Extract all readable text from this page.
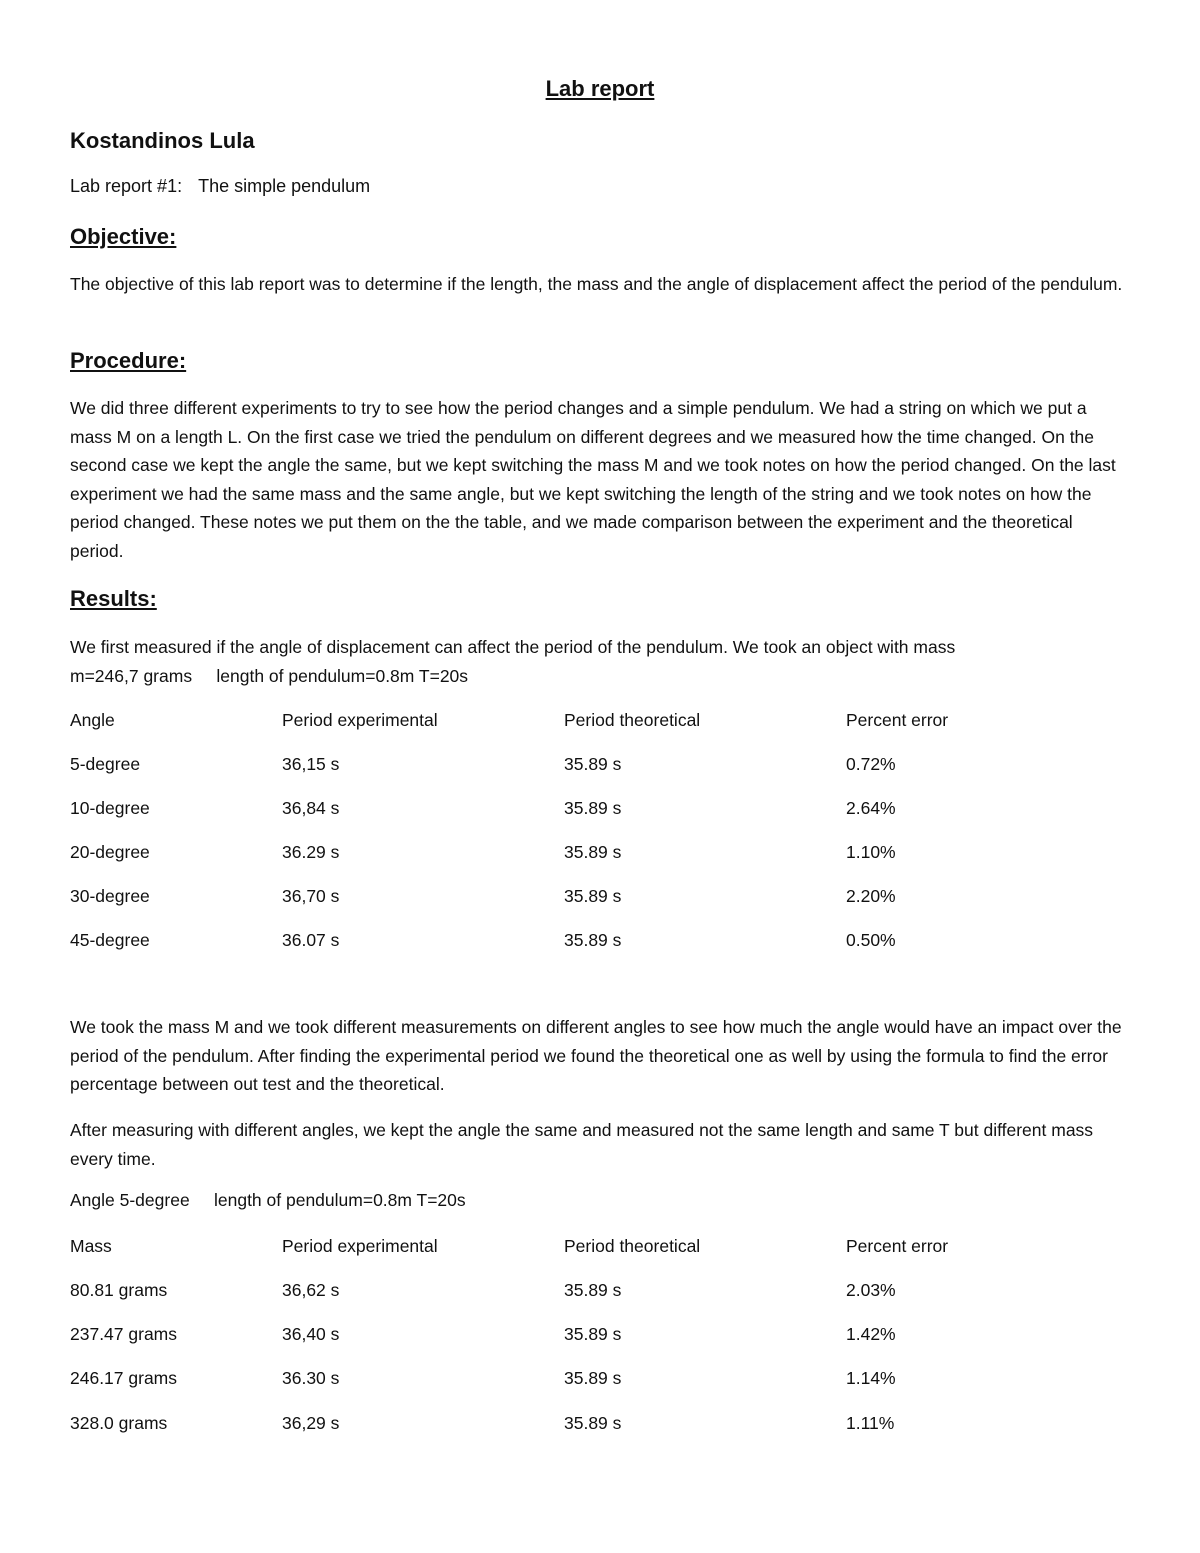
Lab report
Kostandinos Lula
Lab report #1: The simple pendulum
Objective:

The objective of this lab report was to determine if the length, the mass and the angle of displacement affect the period of the pendulum.

Procedure:

We did three different experiments to try to see how the period changes and a simple pendulum. We had a string on which we put a mass M on a length L. On the first case we tried the pendulum on different degrees and we measured how the time changed. On the second case we kept the angle the same, but we kept switching the mass M and we took notes on how the period changed. On the last experiment we had the same mass and the same angle, but we kept switching the length of the string and we took notes on how the period changed. These notes we put them on the the table, and we made comparison between the experiment and the theoretical period.

Results:

We first measured if the angle of displacement can affect the period of the pendulum. We took an object with mass

m=246,7 grams     length of pendulum=0.8m T=20s
Angle	Period experimental	Period theoretical	Percent error
5-degree	36,15 s	35.89 s	0.72%
10-degree	36,84 s	35.89 s	2.64%
20-degree	36.29 s	35.89 s	1.10%
30-degree	36,70 s	35.89 s	2.20%
45-degree	36.07 s	35.89 s	0.50%

We took the mass M and we took different measurements on different angles to see how much the angle would have an impact over the period of the pendulum. After finding the experimental period we found the theoretical one as well by using the formula to find the error percentage between out test and the theoretical.

After measuring with different angles, we kept the angle the same and measured not the same length and same T but different mass every time.

Angle 5-degree     length of pendulum=0.8m T=20s
Mass	Period experimental	Period theoretical	Percent error
80.81 grams	36,62 s	35.89 s	2.03%
237.47 grams	36,40 s	35.89 s	1.42%
246.17 grams	36.30 s	35.89 s	1.14%
328.0 grams	36,29 s	35.89 s	1.11%
